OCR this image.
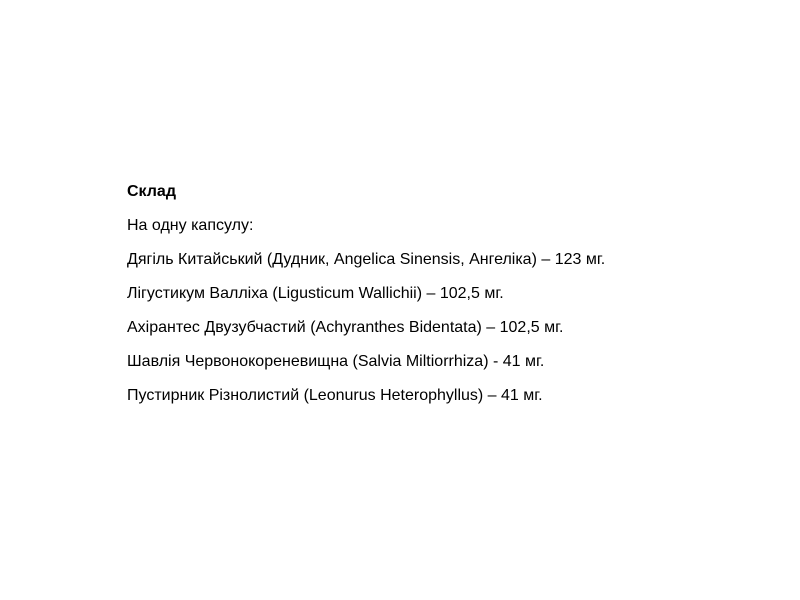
Склад
На одну капсулу:
Дягіль Китайський (Дудник, Angelica Sinensis, Ангеліка) – 123 мг.
Лігустикум Валліха (Ligusticum Wallichii) – 102,5 мг.
Ахірантес Двузубчастий (Achyranthes Bidentata) – 102,5 мг.
Шавлія Червонокореневищна (Salvia Miltiorrhiza) - 41 мг.
Пустирник Різнолистий (Leonurus Heterophyllus) – 41 мг.
